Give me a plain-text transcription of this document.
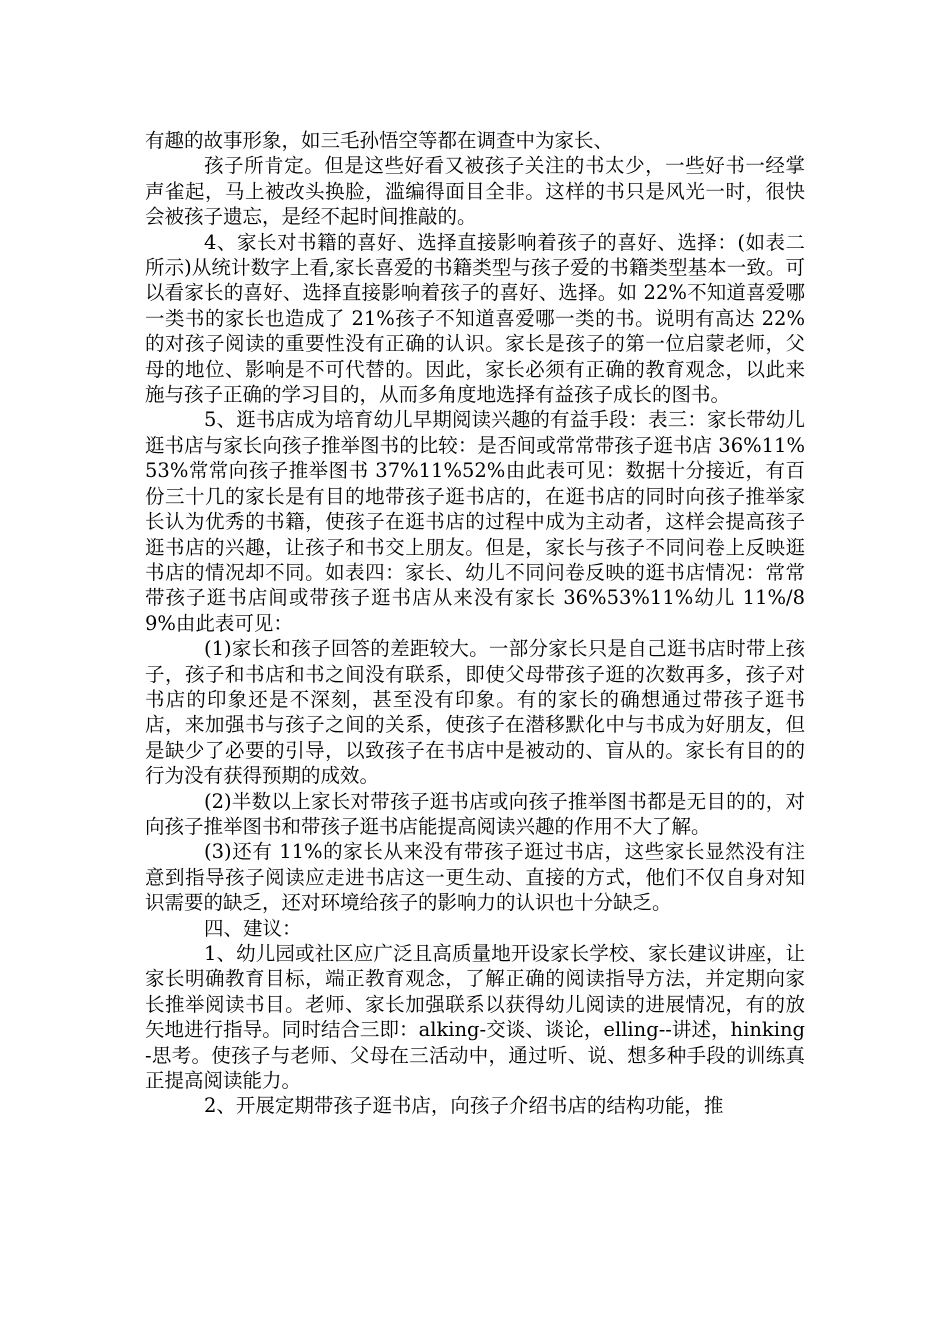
有趣的故事形象，如三毛孙悟空等都在调查中为家长、

孩子所肯定。但是这些好看又被孩子关注的书太少，一些好书一经掌声雀起，马上被改头换脸，滥编得面目全非。这样的书只是风光一时，很快会被孩子遗忘，是经不起时间推敲的。

4、家长对书籍的喜好、选择直接影响着孩子的喜好、选择：(如表二所示)从统计数字上看,家长喜爱的书籍类型与孩子爱的书籍类型基本一致。可以看家长的喜好、选择直接影响着孩子的喜好、选择。如 22%不知道喜爱哪一类书的家长也造成了 21%孩子不知道喜爱哪一类的书。说明有高达 22%的对孩子阅读的重要性没有正确的认识。家长是孩子的第一位启蒙老师，父母的地位、影响是不可代替的。因此，家长必须有正确的教育观念，以此来施与孩子正确的学习目的，从而多角度地选择有益孩子成长的图书。

5、逛书店成为培育幼儿早期阅读兴趣的有益手段：表三：家长带幼儿逛书店与家长向孩子推举图书的比较：是否间或常常带孩子逛书店 36%11%53%常常向孩子推举图书 37%11%52%由此表可见：数据十分接近，有百份三十几的家长是有目的地带孩子逛书店的，在逛书店的同时向孩子推举家长认为优秀的书籍，使孩子在逛书店的过程中成为主动者，这样会提高孩子逛书店的兴趣，让孩子和书交上朋友。但是，家长与孩子不同问卷上反映逛书店的情况却不同。如表四：家长、幼儿不同问卷反映的逛书店情况：常常带孩子逛书店间或带孩子逛书店从来没有家长 36%53%11%幼儿 11%/89%由此表可见：

(1)家长和孩子回答的差距较大。一部分家长只是自己逛书店时带上孩子，孩子和书店和书之间没有联系，即使父母带孩子逛的次数再多，孩子对书店的印象还是不深刻，甚至没有印象。有的家长的确想通过带孩子逛书店，来加强书与孩子之间的关系，使孩子在潜移默化中与书成为好朋友，但是缺少了必要的引导，以致孩子在书店中是被动的、盲从的。家长有目的的行为没有获得预期的成效。

(2)半数以上家长对带孩子逛书店或向孩子推举图书都是无目的的，对向孩子推举图书和带孩子逛书店能提高阅读兴趣的作用不大了解。

(3)还有 11%的家长从来没有带孩子逛过书店，这些家长显然没有注意到指导孩子阅读应走进书店这一更生动、直接的方式，他们不仅自身对知识需要的缺乏，还对环境给孩子的影响力的认识也十分缺乏。

四、建议：

1、幼儿园或社区应广泛且高质量地开设家长学校、家长建议讲座，让家长明确教育目标，端正教育观念，了解正确的阅读指导方法，并定期向家长推举阅读书目。老师、家长加强联系以获得幼儿阅读的进展情况，有的放矢地进行指导。同时结合三即：alking-交谈、谈论，elling--讲述，hinking-思考。使孩子与老师、父母在三活动中，通过听、说、想多种手段的训练真正提高阅读能力。

2、开展定期带孩子逛书店，向孩子介绍书店的结构功能，推
